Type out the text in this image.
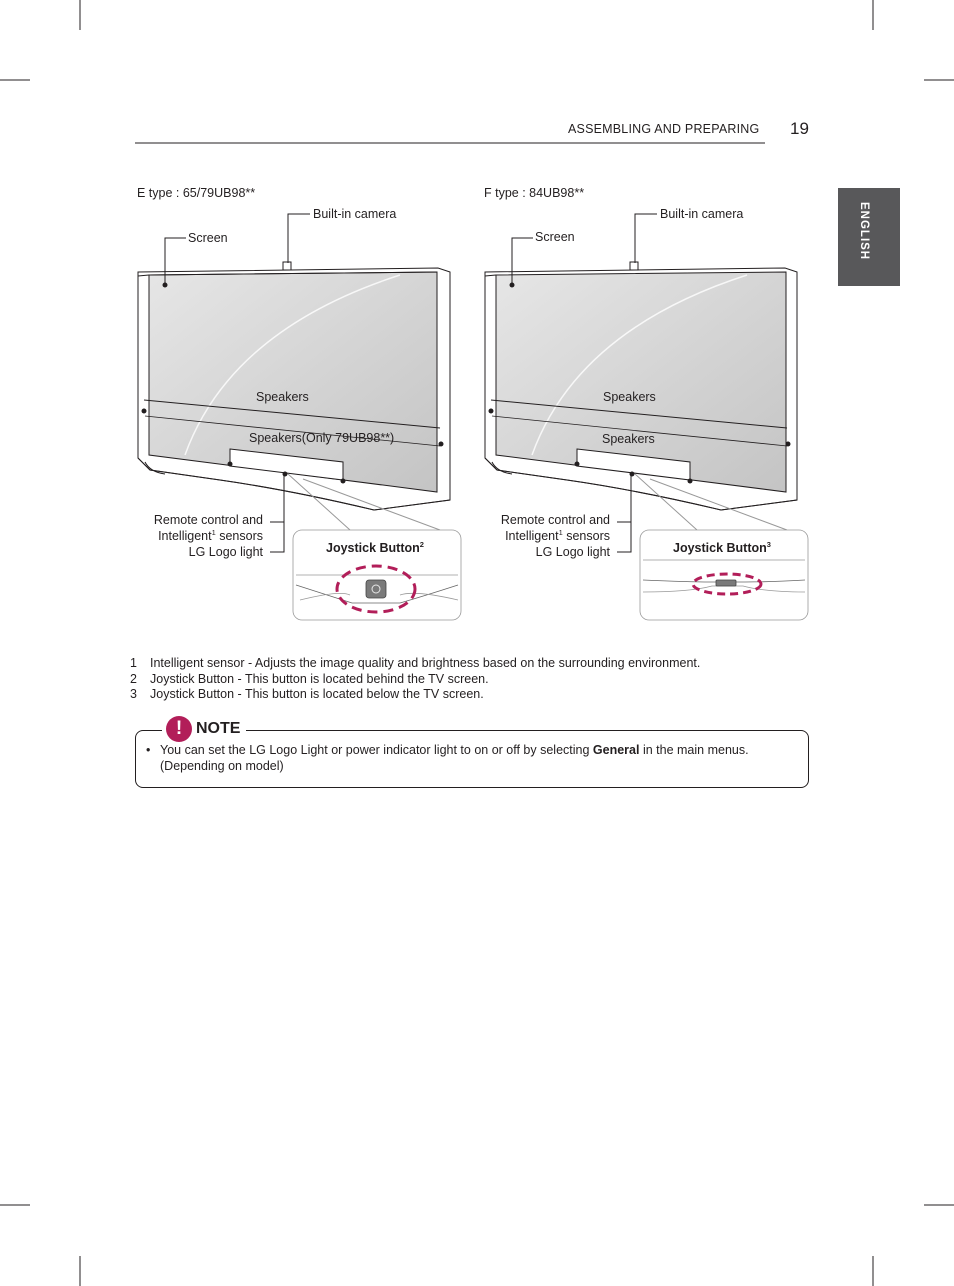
ASSEMBLING AND PREPARING 19
ENGLISH
E type : 65/79UB98**
Built-in camera
Screen
Speakers
Speakers(Only 79UB98**)
Remote control and
Intelligent$^1$ sensors
LG Logo light	Joystick Button$^2$
F type : 84UB98**
Built-in camera
Screen
Speakers
Speakers
Remote control and
Intelligent$^1$ sensors
LG Logo light	Joystick Button$^3$
1 Intelligent sensor - Adjusts the image quality and brightness based on the surrounding environment.
2 Joystick Button - This button is located behind the TV screen.
3 Joystick Button - This button is located below the TV screen.
! NOTE
• You can set the LG Logo Light or power indicator light to on or off by selecting General in the main menus.
(Depending on model)
